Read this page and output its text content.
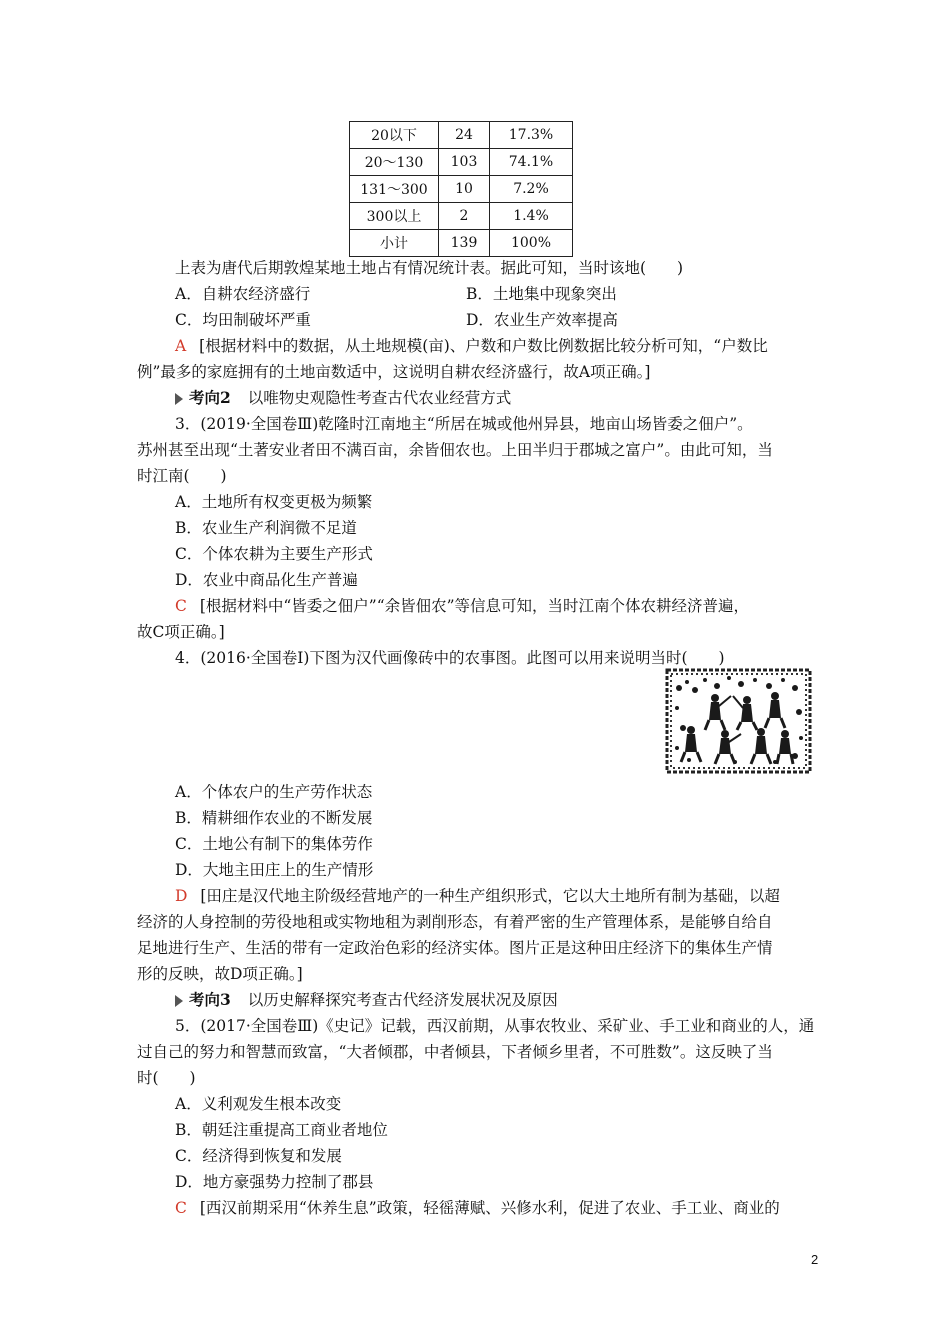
20以下	24	17.3%
20～130	103	74.1%
131～300	10	7.2%
300以上	2	1.4%
小计	139	100%
上表为唐代后期敦煌某地土地占有情况统计表。据此可知，当时该地(　　)
A．自耕农经济盛行	B．土地集中现象突出
C．均田制破坏严重	D．农业生产效率提高
A [根据材料中的数据，从土地规模(亩)、户数和户数比例数据比较分析可知，“户数比
例”最多的家庭拥有的土地亩数适中，这说明自耕农经济盛行，故A项正确。]
考向2 以唯物史观隐性考查古代农业经营方式
3．(2019·全国卷Ⅲ)乾隆时江南地主“所居在城或他州异县，地亩山场皆委之佃户”。
苏州甚至出现“土著安业者田不满百亩，余皆佃农也。上田半归于郡城之富户”。由此可知，当
时江南(　　)
A．土地所有权变更极为频繁
B．农业生产利润微不足道
C．个体农耕为主要生产形式
D．农业中商品化生产普遍
C [根据材料中“皆委之佃户”“余皆佃农”等信息可知，当时江南个体农耕经济普遍，
故C项正确。]
4．(2016·全国卷Ⅰ)下图为汉代画像砖中的农事图。此图可以用来说明当时(　　)
A．个体农户的生产劳作状态
B．精耕细作农业的不断发展
C．土地公有制下的集体劳作
D．大地主田庄上的生产情形
D [田庄是汉代地主阶级经营地产的一种生产组织形式，它以大土地所有制为基础，以超
经济的人身控制的劳役地租或实物地租为剥削形态，有着严密的生产管理体系，是能够自给自
足地进行生产、生活的带有一定政治色彩的经济实体。图片正是这种田庄经济下的集体生产情
形的反映，故D项正确。]
考向3 以历史解释探究考查古代经济发展状况及原因
5．(2017·全国卷Ⅲ)《史记》记载，西汉前期，从事农牧业、采矿业、手工业和商业的人，通
过自己的努力和智慧而致富，“大者倾郡，中者倾县，下者倾乡里者，不可胜数”。这反映了当
时(　　)
A．义利观发生根本改变
B．朝廷注重提高工商业者地位
C．经济得到恢复和发展
D．地方豪强势力控制了郡县
C [西汉前期采用“休养生息”政策，轻徭薄赋、兴修水利，促进了农业、手工业、商业的
2
